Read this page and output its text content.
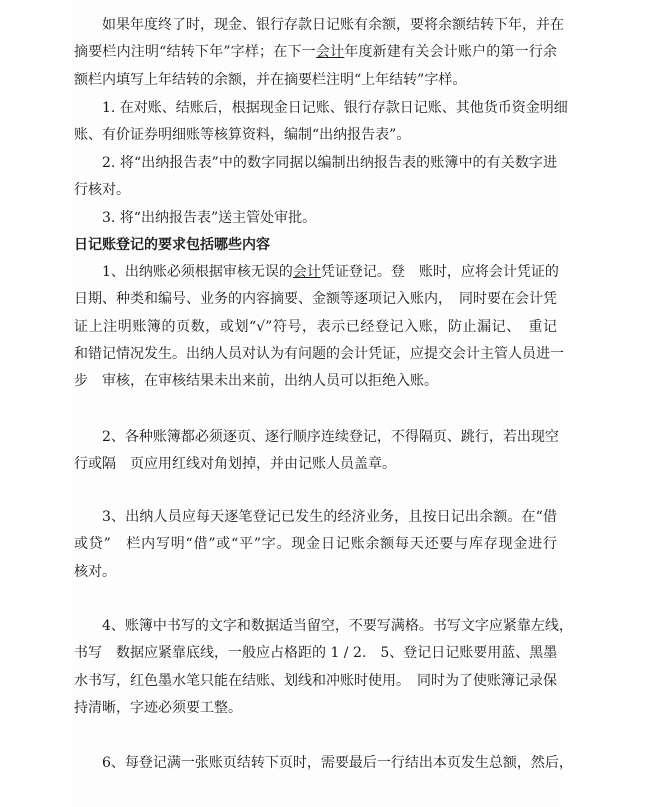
如果年度终了时，现金、银行存款日记账有余额，要将余额结转下年，并在
摘要栏内注明“结转下年”字样；在下一会计年度新建有关会计账户的第一行余
额栏内填写上年结转的余额，并在摘要栏注明“上年结转”字样。
1. 在对账、结账后，根据现金日记账、银行存款日记账、其他货币资金明细
账、有价证券明细账等核算资料，编制“出纳报告表”。
2. 将“出纳报告表”中的数字同据以编制出纳报告表的账簿中的有关数字进
行核对。
3. 将“出纳报告表”送主管处审批。
日记账登记的要求包括哪些内容
1、出纳账必须根据审核无误的会计凭证登记。登　账时，应将会计凭证的
日期、种类和编号、业务的内容摘要、金额等逐项记入账内，　同时要在会计凭
证上注明账簿的页数，或划“√”符号，表示已经登记入账，防止漏记、　重记
和错记情况发生。出纳人员对认为有问题的会计凭证，应提交会计主管人员进一
步　审核，在审核结果未出来前，出纳人员可以拒绝入账。
2、各种账簿都必须逐页、逐行顺序连续登记，不得隔页、跳行，若出现空
行或隔　页应用红线对角划掉，并由记账人员盖章。
3、出纳人员应每天逐笔登记已发生的经济业务，且按日记出余额。在“借
或贷”　栏内写明“借”或“平”字。现金日记账余额每天还要与库存现金进行
核对。
4、账簿中书写的文字和数据适当留空，不要写满格。书写文字应紧靠左线，
书写　数据应紧靠底线，一般应占格距的 1 / 2.　5、登记日记账要用蓝、黑墨
水书写，红色墨水笔只能在结账、划线和冲账时使用。　同时为了使账簿记录保
持清晰，字迹必须要工整。
6、每登记满一张账页结转下页时，需要最后一行结出本页发生总额，然后，
